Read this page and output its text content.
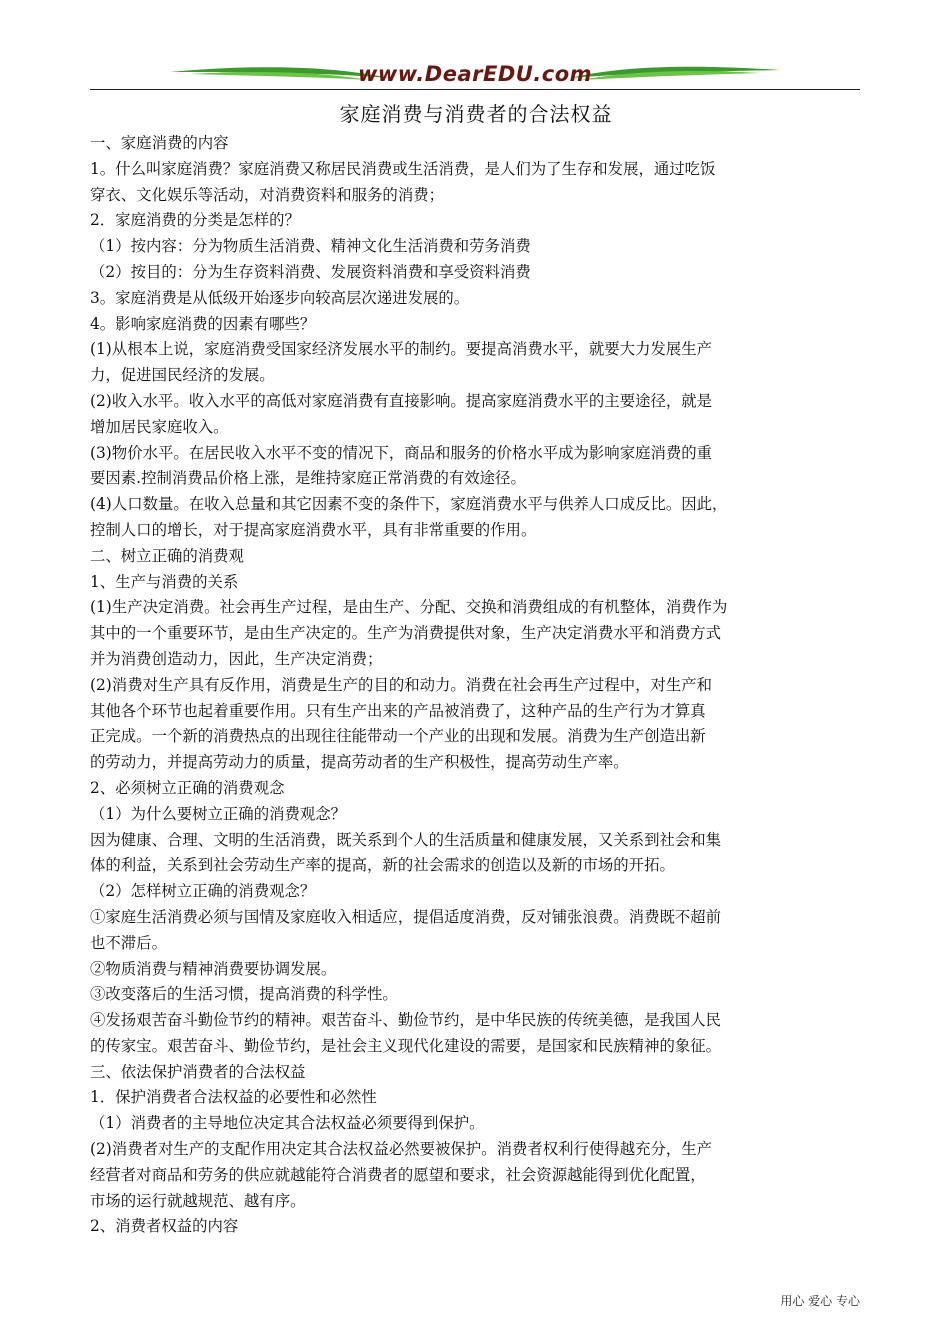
www.DearEDU.com
家庭消费与消费者的合法权益
一、家庭消费的内容
1。什么叫家庭消费？家庭消费又称居民消费或生活消费，是人们为了生存和发展，通过吃饭
穿衣、文化娱乐等活动，对消费资料和服务的消费；
2．家庭消费的分类是怎样的？
（1）按内容：分为物质生活消费、精神文化生活消费和劳务消费
（2）按目的：分为生存资料消费、发展资料消费和享受资料消费
3。家庭消费是从低级开始逐步向较高层次递进发展的。
4。影响家庭消费的因素有哪些？
(1)从根本上说，家庭消费受国家经济发展水平的制约。要提高消费水平，就要大力发展生产
力，促进国民经济的发展。
(2)收入水平。收入水平的高低对家庭消费有直接影响。提高家庭消费水平的主要途径，就是
增加居民家庭收入。
(3)物价水平。在居民收入水平不变的情况下，商品和服务的价格水平成为影响家庭消费的重
要因素.控制消费品价格上涨，是维持家庭正常消费的有效途径。
(4)人口数量。在收入总量和其它因素不变的条件下，家庭消费水平与供养人口成反比。因此，
控制人口的增长，对于提高家庭消费水平，具有非常重要的作用。
二、树立正确的消费观
1、生产与消费的关系
(1)生产决定消费。社会再生产过程，是由生产、分配、交换和消费组成的有机整体，消费作为
其中的一个重要环节，是由生产决定的。生产为消费提供对象，生产决定消费水平和消费方式
并为消费创造动力，因此，生产决定消费；
(2)消费对生产具有反作用，消费是生产的目的和动力。消费在社会再生产过程中，对生产和
其他各个环节也起着重要作用。只有生产出来的产品被消费了，这种产品的生产行为才算真
正完成。一个新的消费热点的出现往往能带动一个产业的出现和发展。消费为生产创造出新
的劳动力，并提高劳动力的质量，提高劳动者的生产积极性，提高劳动生产率。
2、必须树立正确的消费观念
（1）为什么要树立正确的消费观念？
因为健康、合理、文明的生活消费，既关系到个人的生活质量和健康发展，又关系到社会和集
体的利益，关系到社会劳动生产率的提高，新的社会需求的创造以及新的市场的开拓。
（2）怎样树立正确的消费观念？
①家庭生活消费必须与国情及家庭收入相适应，提倡适度消费，反对铺张浪费。消费既不超前
也不滞后。
②物质消费与精神消费要协调发展。
③改变落后的生活习惯，提高消费的科学性。
④发扬艰苦奋斗勤俭节约的精神。艰苦奋斗、勤俭节约，是中华民族的传统美德，是我国人民
的传家宝。艰苦奋斗、勤俭节约，是社会主义现代化建设的需要，是国家和民族精神的象征。
三、依法保护消费者的合法权益
1．保护消费者合法权益的必要性和必然性
（1）消费者的主导地位决定其合法权益必须要得到保护。
(2)消费者对生产的支配作用决定其合法权益必然要被保护。消费者权利行使得越充分，生产
经营者对商品和劳务的供应就越能符合消费者的愿望和要求，社会资源越能得到优化配置，
市场的运行就越规范、越有序。
2、消费者权益的内容
用心 爱心 专心
